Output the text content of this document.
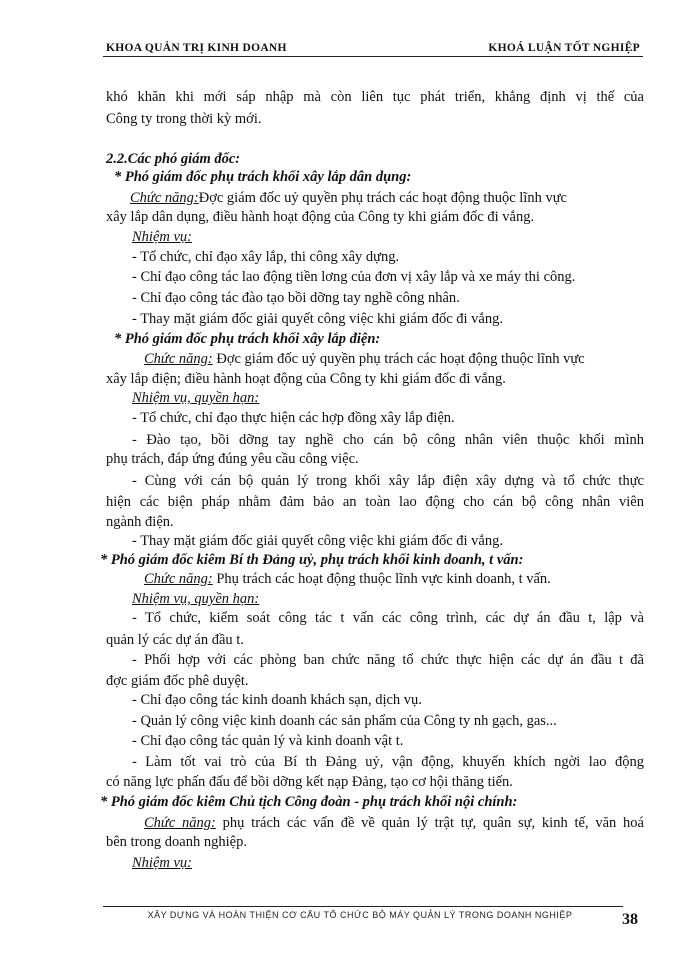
KHOA QUẢN TRỊ KINH DOANH	KHOÁ LUẬN TỐT NGHIỆP
khó khăn khi mới sáp nhập mà còn liên tục phát triển, khẳng định vị thế của
Công ty trong thời kỳ mới.
2.2.Các phó giám đốc:
* Phó giám đốc phụ trách khối xây lắp dân dụng:
Chức năng:Đợc giám đốc uỷ quyền phụ trách các hoạt động thuộc lĩnh vực
xây lắp dân dụng, điều hành hoạt động của Công ty khi giám đốc đi vắng.
Nhiệm vụ:
- Tổ chức, chỉ đạo xây lắp, thi công xây dựng.
- Chỉ đạo công tác lao động tiền lơng của đơn vị xây lắp và xe máy thi công.
- Chỉ đạo công tác đào tạo bồi dỡng tay nghề công nhân.
- Thay mặt giám đốc giải quyết công việc khi giám đốc đi vắng.
* Phó giám đốc phụ trách khối xây lắp điện:
Chức năng: Đợc giám đốc uỷ quyền phụ trách các hoạt động thuộc lĩnh vực
xây lắp điện; điều hành hoạt động của Công ty khi giám đốc đi vắng.
Nhiệm vụ, quyền hạn:
- Tổ chức, chỉ đạo thực hiện các hợp đồng xây lắp điện.
- Đào tạo, bồi dỡng tay nghề cho cán bộ công nhân viên thuộc khối mình
phụ trách, đáp ứng đúng yêu cầu công việc.
- Cùng với cán bộ quản lý trong khối xây lắp điện xây dựng và tổ chức thực
hiện các biện pháp nhằm đảm bảo an toàn lao động cho cán bộ công nhân viên
ngành điện.
- Thay mặt giám đốc giải quyết công việc khi giám đốc đi vắng.
* Phó giám đốc kiêm Bí th Đảng uỷ, phụ trách khối kinh doanh, t vấn:
Chức năng: Phụ trách các hoạt động thuộc lĩnh vực kinh doanh, t vấn.
Nhiệm vụ, quyền hạn:
- Tổ chức, kiểm soát công tác t vấn các công trình, các dự án đầu t, lập và
quản lý các dự án đầu t.
- Phối hợp với các phòng ban chức năng tổ chức thực hiện các dự án đầu t đã
đợc giám đốc phê duyệt.
- Chỉ đạo công tác kinh doanh khách sạn, dịch vụ.
- Quản lý công việc kinh doanh các sản phẩm của Công ty nh gạch, gas...
- Chỉ đạo công tác quản lý và kinh doanh vật t.
- Làm tốt vai trò của Bí th Đảng uỷ, vận động, khuyến khích ngời lao động
có năng lực phấn đấu để bồi dỡng kết nạp Đảng, tạo cơ hội thăng tiến.
* Phó giám đốc kiêm Chủ tịch Công đoàn - phụ trách khối nội chính:
Chức năng: phụ trách các vấn đề về quản lý trật tự, quân sự, kinh tế, văn hoá
bên trong doanh nghiệp.
Nhiệm vụ:
XÂY DỰNG VÀ HOÀN THIỆN CƠ CẤU TỔ CHỨC BỘ MÁY QUẢN LÝ TRONG DOANH NGHIỆP	38
